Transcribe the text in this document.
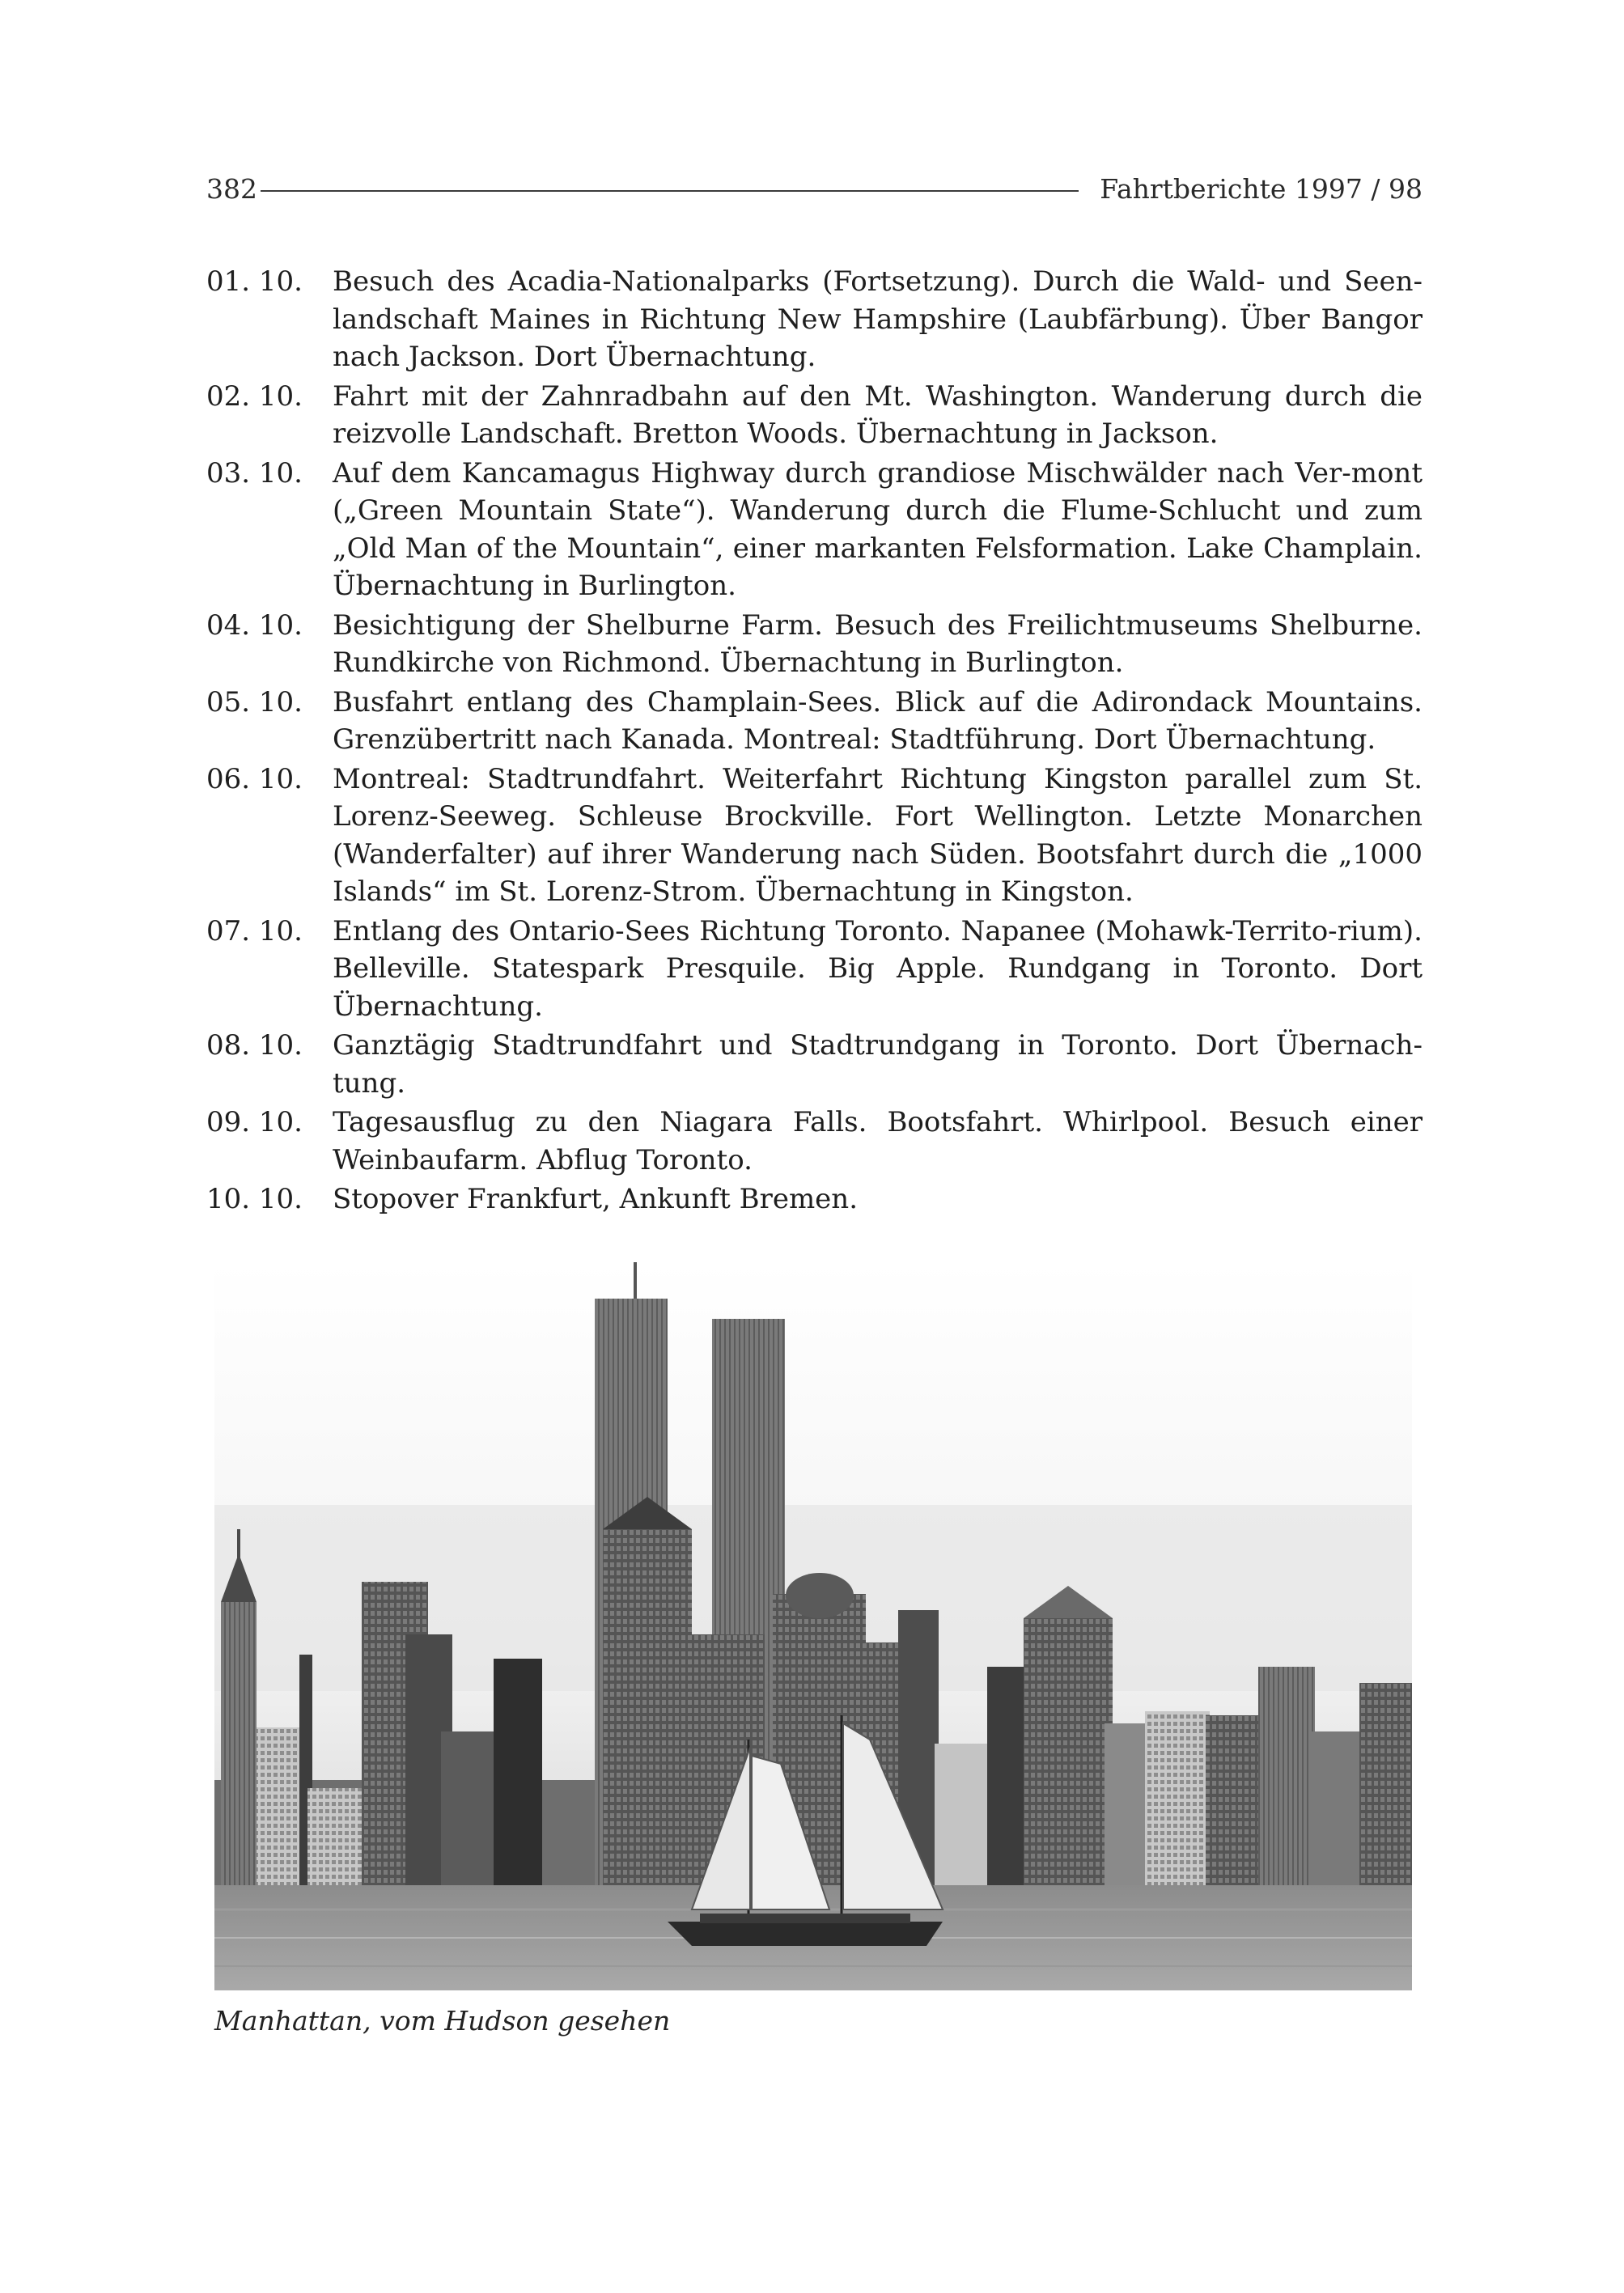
382	Fahrtberichte 1997 / 98
01. 10.	Besuch des Acadia-Nationalparks (Fortsetzung). Durch die Wald- und Seen-landschaft Maines in Richtung New Hampshire (Laubfärbung). Über Bangor nach Jackson. Dort Übernachtung.
02. 10.	Fahrt mit der Zahnradbahn auf den Mt. Washington. Wanderung durch die reizvolle Landschaft. Bretton Woods. Übernachtung in Jackson.
03. 10.	Auf dem Kancamagus Highway durch grandiose Mischwälder nach Ver-mont („Green Mountain State“). Wanderung durch die Flume-Schlucht und zum „Old Man of the Mountain“, einer markanten Felsformation. Lake Champlain. Übernachtung in Burlington.
04. 10.	Besichtigung der Shelburne Farm. Besuch des Freilichtmuseums Shelburne. Rundkirche von Richmond. Übernachtung in Burlington.
05. 10.	Busfahrt entlang des Champlain-Sees. Blick auf die Adirondack Mountains. Grenzübertritt nach Kanada. Montreal: Stadtführung. Dort Übernachtung.
06. 10.	Montreal: Stadtrundfahrt. Weiterfahrt Richtung Kingston parallel zum St. Lorenz-Seeweg. Schleuse Brockville. Fort Wellington. Letzte Monarchen (Wanderfalter) auf ihrer Wanderung nach Süden. Bootsfahrt durch die „1000 Islands“ im St. Lorenz-Strom. Übernachtung in Kingston.
07. 10.	Entlang des Ontario-Sees Richtung Toronto. Napanee (Mohawk-Territo-rium). Belleville. Statespark Presquile. Big Apple. Rundgang in Toronto. Dort Übernachtung.
08. 10.	Ganztägig Stadtrundfahrt und Stadtrundgang in Toronto. Dort Übernach-tung.
09. 10.	Tagesausflug zu den Niagara Falls. Bootsfahrt. Whirlpool. Besuch einer Weinbaufarm. Abflug Toronto.
10. 10.	Stopover Frankfurt, Ankunft Bremen.
Manhattan, vom Hudson gesehen
